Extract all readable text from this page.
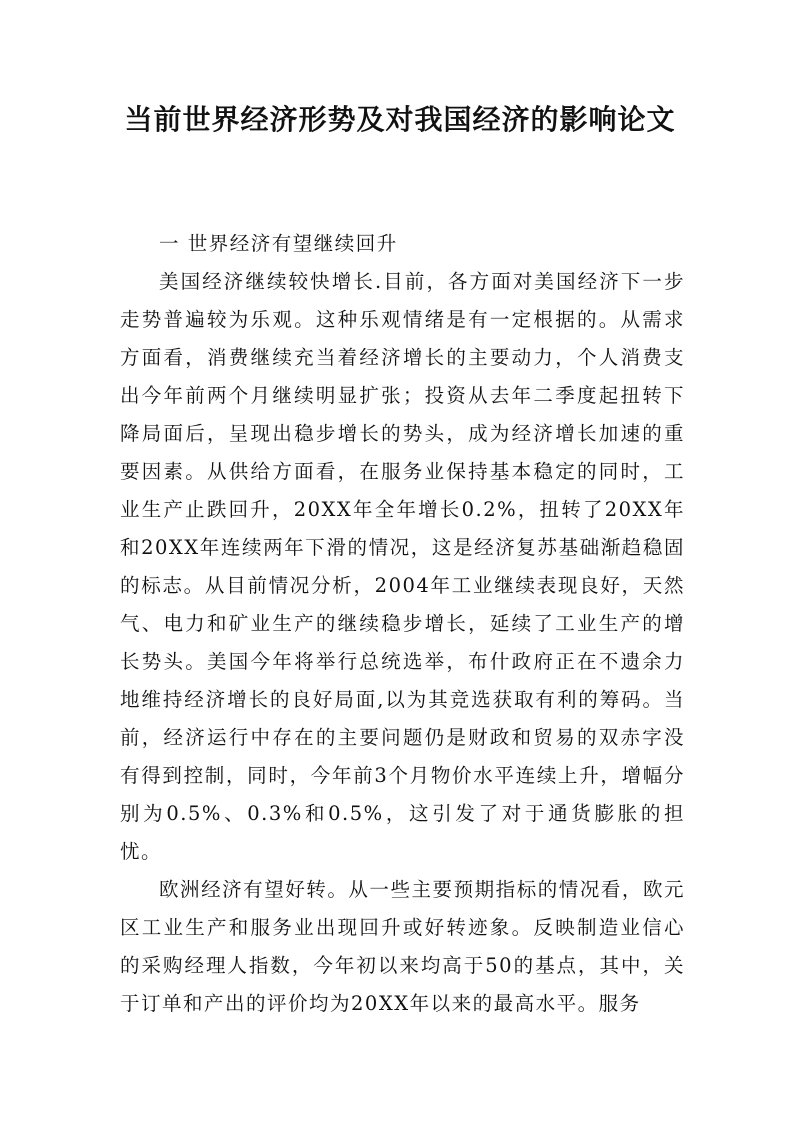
当前世界经济形势及对我国经济的影响论文

一 世界经济有望继续回升

美国经济继续较快增长.目前，各方面对美国经济下一步走势普遍较为乐观。这种乐观情绪是有一定根据的。从需求方面看，消费继续充当着经济增长的主要动力，个人消费支出今年前两个月继续明显扩张；投资从去年二季度起扭转下降局面后，呈现出稳步增长的势头，成为经济增长加速的重要因素。从供给方面看，在服务业保持基本稳定的同时，工业生产止跌回升，20XX年全年增长0.2%，扭转了20XX年和20XX年连续两年下滑的情况，这是经济复苏基础渐趋稳固的标志。从目前情况分析，2004年工业继续表现良好，天然气、电力和矿业生产的继续稳步增长，延续了工业生产的增长势头。美国今年将举行总统选举，布什政府正在不遗余力地维持经济增长的良好局面,以为其竞选获取有利的筹码。当前，经济运行中存在的主要问题仍是财政和贸易的双赤字没有得到控制，同时，今年前3个月物价水平连续上升，增幅分别为0.5%、0.3%和0.5%，这引发了对于通货膨胀的担忧。

欧洲经济有望好转。从一些主要预期指标的情况看，欧元区工业生产和服务业出现回升或好转迹象。反映制造业信心的采购经理人指数，今年初以来均高于50的基点，其中，关于订单和产出的评价均为20XX年以来的最高水平。服务
